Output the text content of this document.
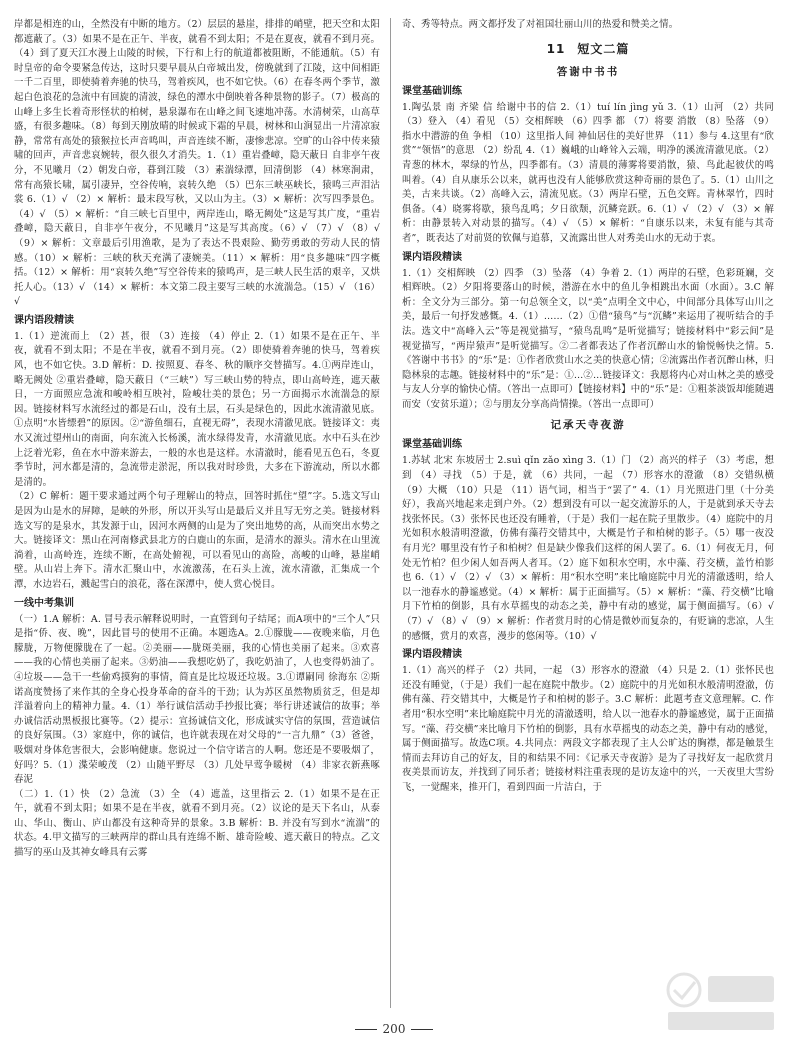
岸都是相连的山，全然没有中断的地方。（2）层层的悬崖，排排的峭壁，把天空和太阳都遮蔽了。（3）如果不是在正午、半夜，就看不到太阳；不是在夏夜，就看不到月亮。（4）到了夏天江水漫上山陵的时候，下行和上行的航道都被阻断，不能通航。（5）有时皇帝的命令要紧急传达，这时只要早晨从白帝城出发，傍晚就到了江陵，这中间相距一千二百里，即使骑着奔驰的快马，驾着疾风，也不如它快。（6）在春冬两个季节，激起白色浪花的急流中有回旋的清波，绿色的潭水中倒映着各种景物的影子。（7）极高的山峰上多生长着奇形怪状的柏树，悬泉瀑布在山峰之间飞速地冲荡。水清树荣，山高草盛，有很多趣味。（8）每到天刚放晴的时候或下霜的早晨，树林和山涧显出一片清凉寂静，常常有高处的猿猴拉长声音鸣叫，声音连续不断，凄惨悲凉。空旷的山谷中传来猿啸的回声，声音悲哀婉转，很久很久才消失。1.（1）重岩叠嶂，隐天蔽日 自非亭午夜分，不见曦月（2）朝发白帝，暮到江陵 （3）素湍绿潭，回清倒影 （4）林寒涧肃，常有高猿长啸，属引凄异，空谷传响，哀转久绝 （5）巴东三峡巫峡长，猿鸣三声泪沾裳 6.（1）√ （2）× 解析：最末段写秋，又以山为主。（3）× 解析：次写四季景色。（4）√ （5）× 解析：“自三峡七百里中，两岸连山，略无阙处”这是写其广度，“重岩叠嶂，隐天蔽日，自非亭午夜分，不见曦月”这是写其高度。（6）√ （7）√ （8）√ （9）× 解析：文章最后引用渔歌，是为了表达不畏艰险、勤劳勇敢的劳动人民的情感。（10）× 解析：三峡的秋天充满了凄婉美。（11）× 解析：用“良多趣味”四字概括。（12）× 解析：用“哀转久绝”写空谷传来的猿鸣声，是三峡人民生活的艰辛，又烘托人心。（13）√ （14）× 解析：本文第二段主要写三峡的水流湍急。（15）√ （16）√

课内语段精读

1.（1）逆流而上 （2）甚，很 （3）连接 （4）停止 2.（1）如果不是在正午、半夜，就看不到太阳；不是在半夜，就看不到月亮。（2）即使骑着奔驰的快马，驾着疾风，也不如它快。3.D 解析：D. 按照夏、春冬、秋的顺序交替描写。4.①两岸连山，略无阙处 ②重岩叠嶂，隐天蔽日（“三峡”）写三峡山势的特点，即山高岭连，遮天蔽日，一方面照应急流和峻岭相互映衬，险峻壮美的景色；另一方面揭示水流湍急的原因。链接材料写水流经过的都是石山，没有土层，石头是绿色的，因此水流清澈见底。①点明“水皆缥碧”的原因。②“游鱼细石，直视无碍”，表现水清澈见底。链接译文：夷水又流过望州山的南面，向东流入长杨溪，流水绿得发青，水清澈见底。水中石头在沙上泛着光彩，鱼在水中游来游去，一般的水也是这样。水清澈时，能看见五色石，冬夏季节时，河水都是清的，急流带走淤泥，所以我对时珍贵，大多在下游流动，所以水都是清的。

（2）C 解析：题干要求通过两个句子理解山的特点，回答时抓住“望”字。5.选文写山是因为山是水的屏障，是峡的外形，所以开头写山是最后义并且写无穷之美。链接材料选文写的是泉水，其发源于山，因河水两侧的山是为了突出地势的高，从而突出水势之大。链接译文：黑山在河南修武县北方的白鹿山的东面，是清水的源头。清水在山里流淌着，山高岭连，连续不断，在高处俯视，可以看见山的高险，高峻的山峰，悬崖峭壁。从山岩上奔下。清水汇聚山中，水流激荡，在石头上流，流水清澈，汇集成一个潭，水边岩石，溅起雪白的浪花，落在深潭中，使人赏心悦目。

一线中考集训

（一）1.A 解析：A. 冒号表示解释说明时，一直管到句子结尾；而A项中的“三个人”只是指“侨、夜、晚”，因此冒号的使用不正确。本题选A。2.①朦胧——夜晚来临，月色朦胧，万物便朦胧在了一起。②美丽——胧斑美丽，我的心情也美丽了起来。③欢喜——我的心情也美丽了起来。③奶油——我想吃奶了，我吃奶油了，人也变得奶油了。④垃圾——急干一些偷鸡摸狗的事情，简直是比垃圾还垃圾。3.①谭嗣同 徐海东 ②斯诺高度赞扬了来作其的全身心投身革命的奋斗的干劲；认为苏区虽然物质贫乏，但是却洋溢着向上的精神力量。4.（1）举行诚信活动手抄报比赛；举行讲述诚信的故事；举办诚信活动黑板报比赛等。（2）提示：宣扬诚信文化，形成诚实守信的氛围，营造诚信的良好氛围。（3）家庭中，你的诚信，也许就表现在对父母的“一言九鼎”（3）爸爸，吸烟对身体危害很大，会影响健康。您说过一个信守诺言的人啊。您还是不要吸烟了，好吗？5.（1）渫荣峻茂 （2）山随平野尽 （3）几处早莺争暖树 （4）非家衣新燕啄春泥

（二）1.（1）快 （2）急流 （3）全 （4）遮盖，这里指云 2.（1）如果不是在正午，就看不到太阳；如果不是在半夜，就看不到月亮。（2）议论的是天下名山，从泰山、华山、衡山、庐山都没有这种奇异的景象。3.B 解析：B. 并没有写到水“流湍”的状态。4.甲文描写的三峡两岸的群山具有连绵不断、雄奇险峻、遮天蔽日的特点。乙文描写的巫山及其神女峰具有云雾

奇、秀等特点。两文都抒发了对祖国壮丽山川的热爱和赞美之情。

11 短文二篇
答谢中书书
课堂基础训练

1.陶弘景 南 齐梁 信 给谢中书的信 2.（1）tuí lín jìng yǔ 3.（1）山河 （2）共同 （3）登入 （4）看见 （5）交相辉映 （6）四季 都 （7）将要 消散 （8）坠落 （9）指水中潜游的鱼 争相 （10）这里指人间 神仙居住的美好世界 （11）参与 4.这里有“欣赏”“领悟”的意思 （2）纷乱 4.（1）巍峨的山峰耸入云端，明净的溪流清澈见底。（2）青葱的林木，翠绿的竹丛，四季都有。（3）清晨的薄雾将要消散，猿、鸟此起彼伏的鸣叫着。（4）自从康乐公以来，就再也没有人能够欣赏这种奇丽的景色了。5.（1）山川之美，古来共谈。（2）高峰入云，清流见底。（3）两岸石壁，五色交辉。青林翠竹，四时俱备。（4）晓雾将歇，猿鸟乱鸣；夕日欲颓，沉鳞竞跃。6.（1）√ （2）√ （3）× 解析：由静景转入对动景的描写。（4）√ （5）× 解析：“自康乐以来，未复有能与其奇者”，既表达了对前贤的钦佩与追慕，又流露出世人对秀美山水的无动于衷。

课内语段精读

1.（1）交相辉映 （2）四季 （3）坠落 （4）争着 2.（1）两岸的石壁，色彩斑斓，交相辉映。（2）夕阳将要落山的时候，潜游在水中的鱼儿争相跳出水面（水面）。3.C 解析：全文分为三部分。第一句总领全文，以“美”点明全文中心，中间部分具体写山川之美，最后一句抒发感慨。4.（1）……（2）①借“猿鸟”与“沉鳞”来运用了视听结合的手法。选文中“高峰入云”等是视觉描写，“猿鸟乱鸣”是听觉描写；链接材料中“彩云间”是视觉描写，“两岸猿声”是听觉描写。②二者都表达了作者沉醉山水的愉悦畅快之情。5.《答谢中书书》的“乐”是：①作者欣赏山水之美的快意心情；②流露出作者沉醉山林，归隐林泉的志趣。链接材料中的“乐”是：①…②…链接译文：我愿将内心对山林之美的感受与友人分享的愉快心情。（答出一点即可）【链接材料】中的“乐”是：①粗茶淡饭却能随遇而安（安贫乐道）；②与朋友分享高尚情操。（答出一点即可）

记承天寺夜游
课堂基础训练

1.苏轼 北宋 东坡居士 2.suì qǐn zǎo xìng 3.（1）门 （2）高兴的样子 （3）考虑，想到 （4）寻找 （5）于是，就 （6）共同，一起 （7）形容水的澄澈 （8）交错纵横 （9）大概 （10）只是 （11）语气词，相当于“罢了” 4.（1）月光照进门里（十分美好），我高兴地起来走到户外。（2）想到没有可以一起交流游乐的人，于是就到承天寺去找张怀民。（3）张怀民也还没有睡着，（于是）我们一起在院子里散步。（4）庭院中的月光如积水般清明澄澈，仿佛有藻荇交错其中，大概是竹子和柏树的影子。（5）哪一夜没有月光？哪里没有竹子和柏树？但是缺少像我们这样的闲人罢了。6.（1）何夜无月，何处无竹柏？但少闲人如吾两人者耳。（2）庭下如积水空明，水中藻、荇交横，盖竹柏影也 6.（1）√ （2）√ （3）× 解析：用“积水空明”来比喻庭院中月光的清澈透明，给人以一池春水的静谧感觉。（4）× 解析：属于正面描写。（5）× 解析：“藻、荇交横”比喻月下竹柏的倒影，具有水草摇曳的动态之美，静中有动的感觉，属于侧面描写。（6）√ （7）√ （8）√ （9）× 解析：作者赏月时的心情是微妙而复杂的，有贬谪的悲凉，人生的感慨，赏月的欢喜，漫步的悠闲等。（10）√

课内语段精读

1.（1）高兴的样子 （2）共同，一起 （3）形容水的澄澈 （4）只是 2.（1）张怀民也还没有睡觉，（于是）我们一起在庭院中散步。（2）庭院中的月光如积水般清明澄澈，仿佛有藻、荇交错其中，大概是竹子和柏树的影子。3.C 解析：此题考查文意理解。C. 作者用“积水空明”来比喻庭院中月光的清澈透明，给人以一池春水的静谧感觉，属于正面描写。“藻、荇交横”来比喻月下竹柏的倒影，具有水草摇曳的动态之美，静中有动的感觉，属于侧面描写。故选C项。4.共同点：两段文字都表现了主人公旷达的胸襟，都是触景生情而去拜访自己的好友，目的和结果不同：《记承天寺夜游》是为了寻找好友一起欣赏月夜美景而访友，并找到了同乐者；链接材料注重表现的是访友途中的兴，一天夜里大雪纷飞，一觉醒来，推开门，看到四面一片洁白，于

200
